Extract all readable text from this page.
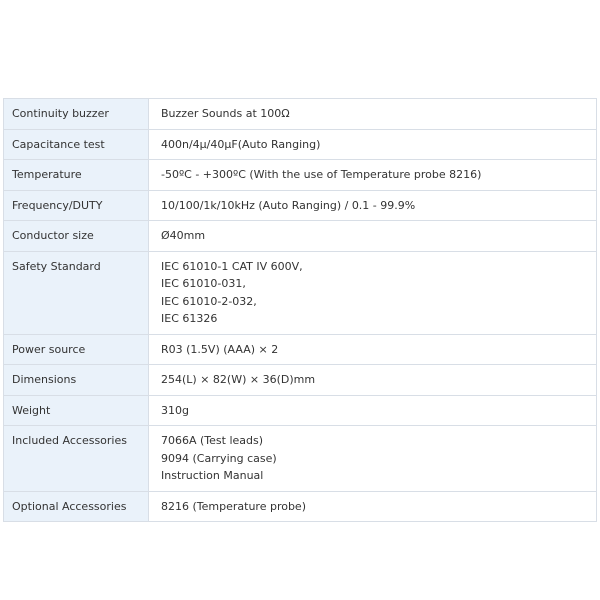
Continuity buzzer	Buzzer Sounds at 100Ω

Capacitance test	400n/4μ/40μF(Auto Ranging)

Temperature	-50ºC - +300ºC (With the use of Temperature probe 8216)

Frequency/DUTY	10/100/1k/10kHz (Auto Ranging) / 0.1 - 99.9%

Conductor size	Ø40mm

Safety Standard	IEC 61010-1 CAT IV 600V,
IEC 61010-031,
IEC 61010-2-032,
IEC 61326

Power source	R03 (1.5V) (AAA) × 2

Dimensions	254(L) × 82(W) × 36(D)mm

Weight	310g

Included Accessories	7066A (Test leads)
9094 (Carrying case)
Instruction Manual

Optional Accessories	8216 (Temperature probe)
